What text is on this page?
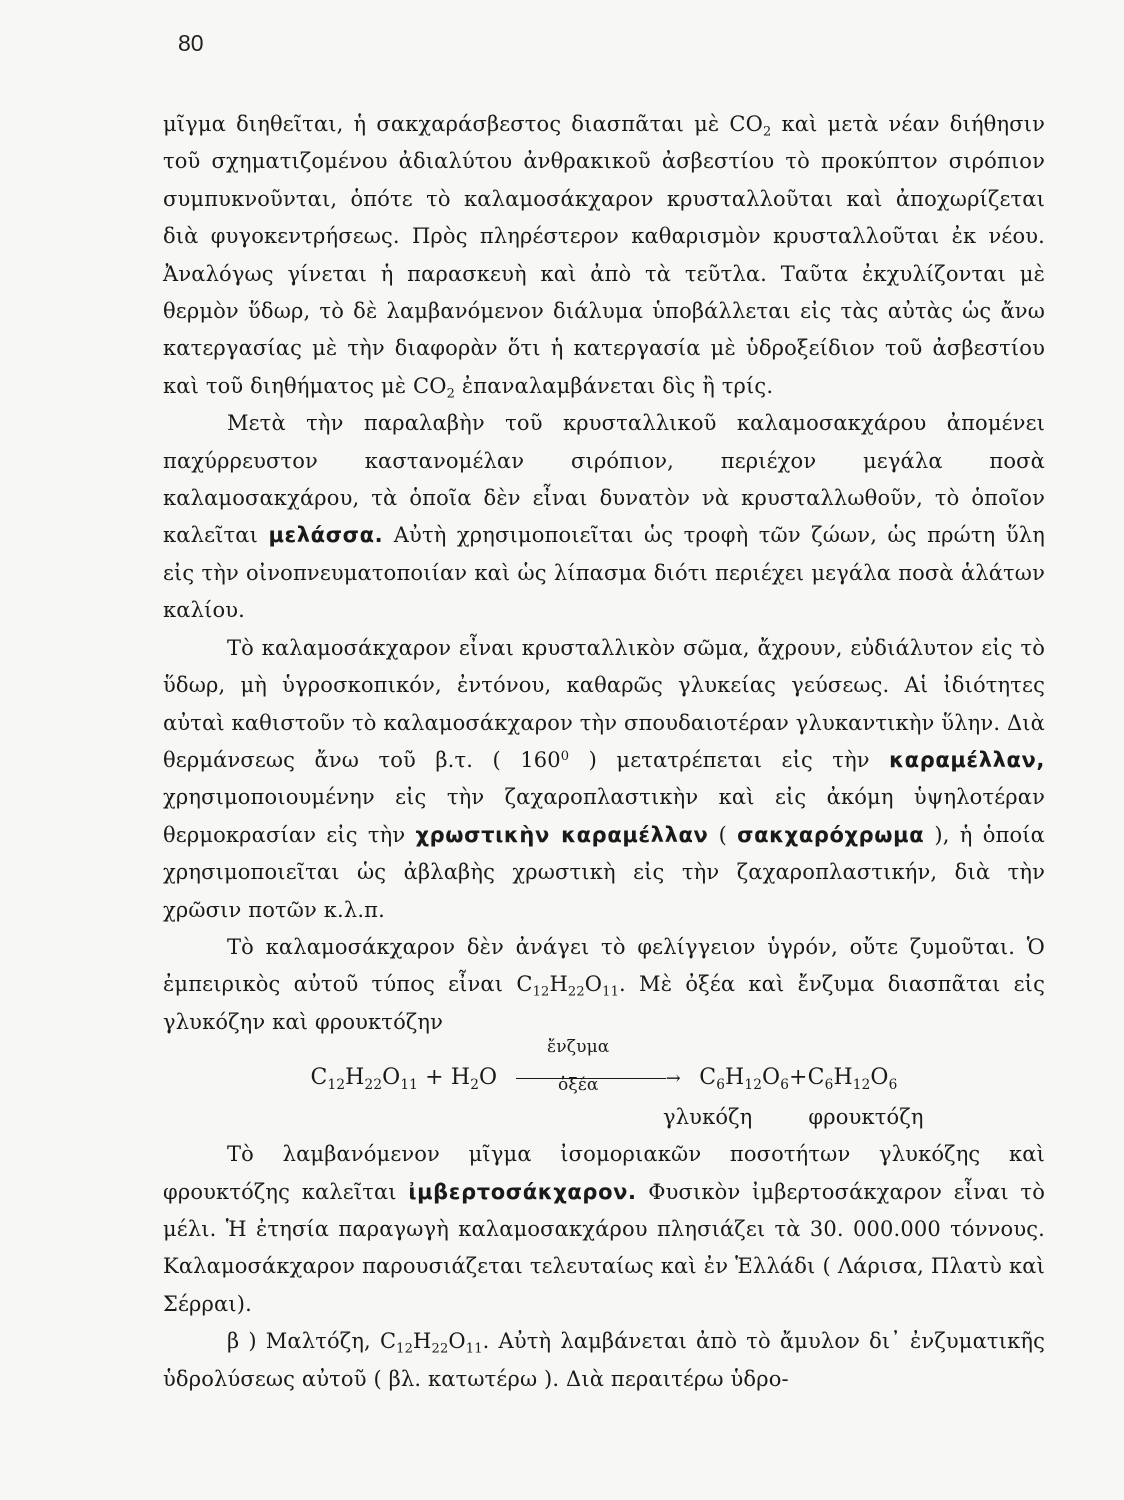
80

μῖγμα διηθεῖται, ἡ σακχαράσβεστος διασπᾶται μὲ $CO_2$ καὶ μετὰ νέαν διήθησιν τοῦ σχηματιζομένου ἀδιαλύτου ἀνθρακικοῦ ἀσβεστίου τὸ προκύπτον σιρόπιον συμπυκνοῦνται, ὁπότε τὸ καλαμοσάκχαρον κρυσταλλοῦται καὶ ἀποχωρίζεται διὰ φυγοκεντρήσεως. Πρὸς πληρέστερον καθαρισμὸν κρυσταλλοῦται ἐκ νέου. Ἀναλόγως γίνεται ἡ παρασκευὴ καὶ ἀπὸ τὰ τεῦτλα. Ταῦτα ἐκχυλίζονται μὲ θερμὸν ὕδωρ, τὸ δὲ λαμβανόμενον διάλυμα ὑποβάλλεται εἰς τὰς αὐτὰς ὡς ἄνω κατεργασίας μὲ τὴν διαφορὰν ὅτι ἡ κατεργασία μὲ ὑδροξείδιον τοῦ ἀσβεστίου καὶ τοῦ διηθήματος μὲ $CO_2$ ἐπαναλαμβάνεται δὶς ἢ τρίς.

Μετὰ τὴν παραλαβὴν τοῦ κρυσταλλικοῦ καλαμοσακχάρου ἀπομένει παχύρρευστον καστανομέλαν σιρόπιον, περιέχον μεγάλα ποσὰ καλαμοσακχάρου, τὰ ὁποῖα δὲν εἶναι δυνατὸν νὰ κρυσταλλωθοῦν, τὸ ὁποῖον καλεῖται μελάσσα. Αὐτὴ χρησιμοποιεῖται ὡς τροφὴ τῶν ζώων, ὡς πρώτη ὕλη εἰς τὴν οἰνοπνευματοποιίαν καὶ ὡς λίπασμα διότι περιέχει μεγάλα ποσὰ ἁλάτων καλίου.

Τὸ καλαμοσάκχαρον εἶναι κρυσταλλικὸν σῶμα, ἄχρουν, εὐδιάλυτον εἰς τὸ ὕδωρ, μὴ ὑγροσκοπικόν, ἐντόνου, καθαρῶς γλυκείας γεύσεως. Αἱ ἰδιότητες αὐταὶ καθιστοῦν τὸ καλαμοσάκχαρον τὴν σπουδαιοτέραν γλυκαντικὴν ὕλην. Διὰ θερμάνσεως ἄνω τοῦ β.τ. ( $160^0$ ) μετατρέπεται εἰς τὴν καραμέλλαν, χρησιμοποιουμένην εἰς τὴν ζαχαροπλαστικὴν καὶ εἰς ἀκόμη ὑψηλοτέραν θερμοκρασίαν εἰς τὴν χρωστικὴν καραμέλλαν ( σακχαρόχρωμα ), ἡ ὁποία χρησιμοποιεῖται ὡς ἀβλαβὴς χρωστικὴ εἰς τὴν ζαχαροπλαστικήν, διὰ τὴν χρῶσιν ποτῶν κ.λ.π.

Τὸ καλαμοσάκχαρον δὲν ἀνάγει τὸ φελίγγειον ὑγρόν, οὔτε ζυμοῦται. Ὁ ἐμπειρικὸς αὐτοῦ τύπος εἶναι $C_{12}H_{22}O_{11}$. Μὲ ὀξέα καὶ ἔνζυμα διασπᾶται εἰς γλυκόζην καὶ φρουκτόζην

$C_{12}H_{22}O_{11} + H_2O$
ἔνζυμα
→
ὀξέα	$C_6H_{12}O_6+C_6H_{12}O_6$
γλυκόζη	φρουκτόζη

Τὸ λαμβανόμενον μῖγμα ἰσομοριακῶν ποσοτήτων γλυκόζης καὶ φρουκτόζης καλεῖται ἰμβερτοσάκχαρον. Φυσικὸν ἰμβερτοσάκχαρον εἶναι τὸ μέλι. Ἡ ἐτησία παραγωγὴ καλαμοσακχάρου πλησιάζει τὰ 30. 000.000 τόννους. Καλαμοσάκχαρον παρουσιάζεται τελευταίως καὶ ἐν Ἑλλάδι ( Λάρισα, Πλατὺ καὶ Σέρραι).

β ) Μαλτόζη, $C_{12}H_{22}O_{11}$. Αὐτὴ λαμβάνεται ἀπὸ τὸ ἄμυλον δι᾽ ἐνζυματικῆς ὑδρολύσεως αὐτοῦ ( βλ. κατωτέρω ). Διὰ περαιτέρω ὑδρο-
